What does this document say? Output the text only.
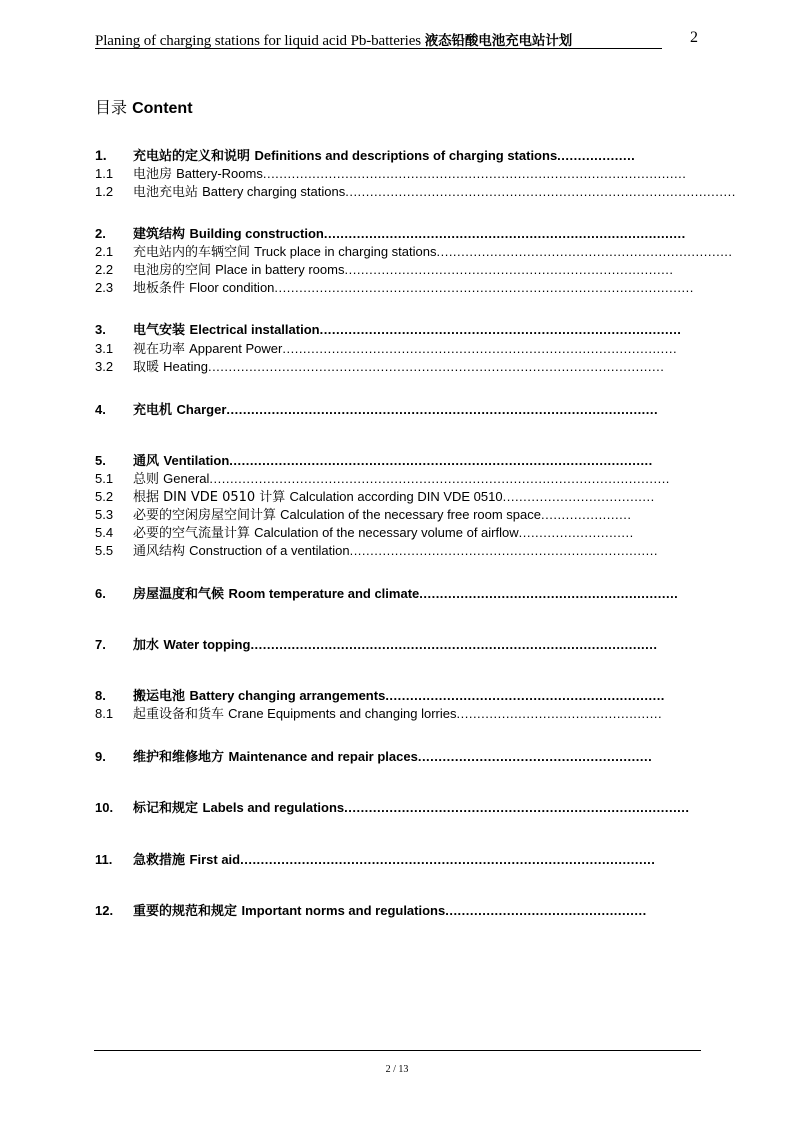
Planing of charging stations for liquid acid Pb-batteries 液态铅酸电池充电站计划	2
目录 Content
1.	充电站的定义和说明 Definitions and descriptions of charging stations ...................
1.1	电池房 Battery-Rooms .......................................................................................................
1.2	电池充电站 Battery charging stations ...............................................................................................
2.	建筑结构 Building construction ........................................................................................
2.1	充电站内的车辆空间 Truck place in charging stations ........................................................................
2.2	电池房的空间 Place in battery rooms ................................................................................
2.3	地板条件 Floor condition ......................................................................................................
3.	电气安装 Electrical installation ........................................................................................
3.1	视在功率 Apparent Power ................................................................................................
3.2	取暖 Heating ...............................................................................................................
4.	充电机 Charger .........................................................................................................
5.	通风 Ventilation .......................................................................................................
5.1	总则 General ................................................................................................................
5.2	根据 DIN VDE 0510 计算 Calculation according DIN VDE 0510 .....................................
5.3	必要的空闲房屋空间计算 Calculation of the necessary free room space ......................
5.4	必要的空气流量计算 Calculation of the necessary volume of airflow ............................
5.5	通风结构 Construction of a ventilation ...........................................................................
6.	房屋温度和气候 Room temperature and climate ...............................................................
7.	加水 Water topping ...................................................................................................
8.	搬运电池 Battery changing arrangements ....................................................................
8.1	起重设备和货车 Crane Equipments and changing lorries ..................................................
9.	维护和维修地方 Maintenance and repair places .........................................................
10.	标记和规定 Labels and regulations ....................................................................................
11.	急救措施 First aid .....................................................................................................
12.	重要的规范和规定 Important norms and regulations .................................................
2 / 13
